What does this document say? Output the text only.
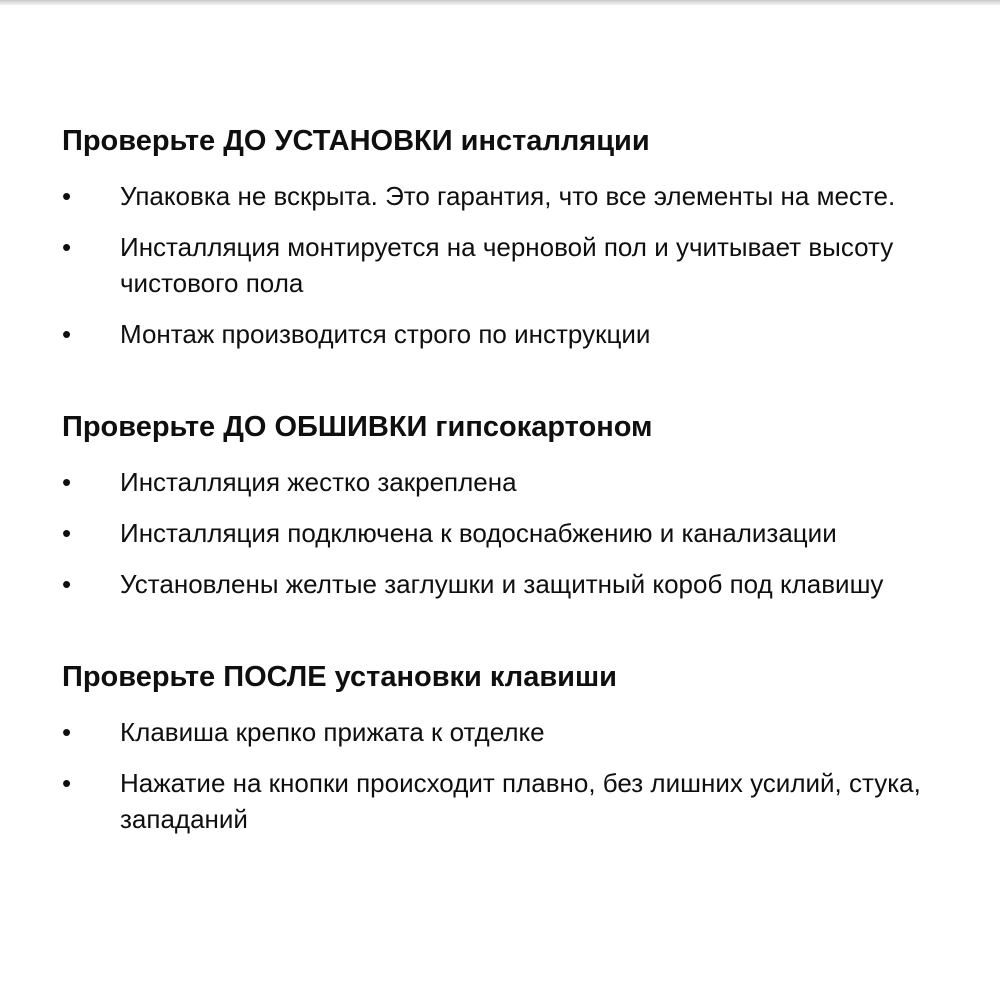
Проверьте ДО УСТАНОВКИ инсталляции
•	Упаковка не вскрыта. Это гарантия, что все элементы на месте.
•	Инсталляция монтируется на черновой пол и учитывает высоту чистового пола
•	Монтаж производится строго по инструкции
Проверьте ДО ОБШИВКИ гипсокартоном
•	Инсталляция жестко закреплена
•	Инсталляция подключена к водоснабжению и канализации
•	Установлены желтые заглушки и защитный короб под клавишу
Проверьте ПОСЛЕ установки клавиши
•	Клавиша крепко прижата к отделке
•	Нажатие на кнопки происходит плавно, без лишних усилий, стука, западаний
